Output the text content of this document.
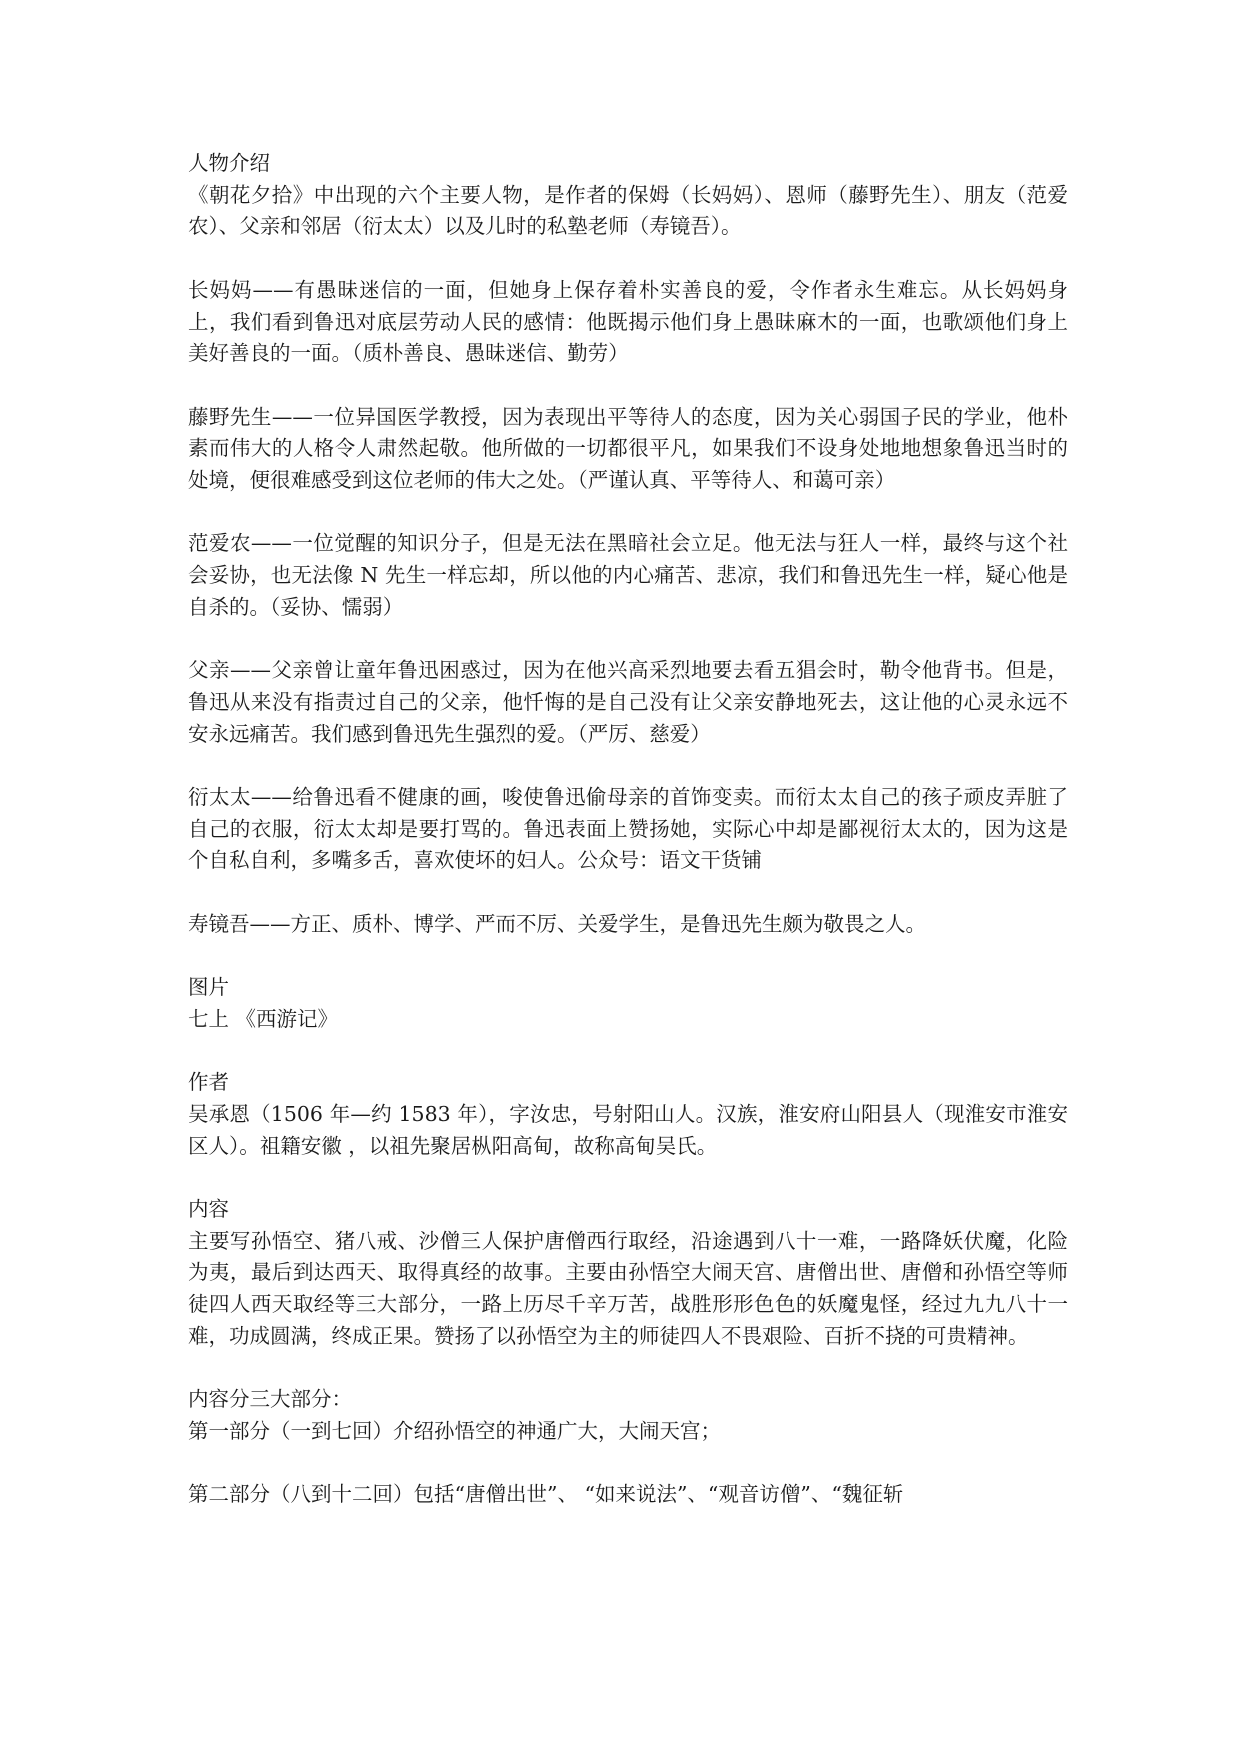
人物介绍

《朝花夕拾》中出现的六个主要人物，是作者的保姆（长妈妈）、恩师（藤野先生）、朋友（范爱农）、父亲和邻居（衍太太）以及儿时的私塾老师（寿镜吾）。

长妈妈——有愚昧迷信的一面，但她身上保存着朴实善良的爱，令作者永生难忘。从长妈妈身上，我们看到鲁迅对底层劳动人民的感情：他既揭示他们身上愚昧麻木的一面，也歌颂他们身上美好善良的一面。（质朴善良、愚昧迷信、勤劳）

藤野先生——一位异国医学教授，因为表现出平等待人的态度，因为关心弱国子民的学业，他朴素而伟大的人格令人肃然起敬。他所做的一切都很平凡，如果我们不设身处地地想象鲁迅当时的处境，便很难感受到这位老师的伟大之处。（严谨认真、平等待人、和蔼可亲）

范爱农——一位觉醒的知识分子，但是无法在黑暗社会立足。他无法与狂人一样，最终与这个社会妥协，也无法像 N 先生一样忘却，所以他的内心痛苦、悲凉，我们和鲁迅先生一样，疑心他是自杀的。（妥协、懦弱）

父亲——父亲曾让童年鲁迅困惑过，因为在他兴高采烈地要去看五猖会时，勒令他背书。但是，鲁迅从来没有指责过自己的父亲，他忏悔的是自己没有让父亲安静地死去，这让他的心灵永远不安永远痛苦。我们感到鲁迅先生强烈的爱。（严厉、慈爱）

衍太太——给鲁迅看不健康的画，唆使鲁迅偷母亲的首饰变卖。而衍太太自己的孩子顽皮弄脏了自己的衣服，衍太太却是要打骂的。鲁迅表面上赞扬她，实际心中却是鄙视衍太太的，因为这是个自私自利，多嘴多舌，喜欢使坏的妇人。公众号：语文干货铺

寿镜吾——方正、质朴、博学、严而不厉、关爱学生，是鲁迅先生颇为敬畏之人。

图片

七上 《西游记》

作者

吴承恩（1506 年—约 1583 年），字汝忠，号射阳山人。汉族，淮安府山阳县人（现淮安市淮安区人）。祖籍安徽 ，以祖先聚居枞阳高甸，故称高甸吴氏。

内容

主要写孙悟空、猪八戒、沙僧三人保护唐僧西行取经，沿途遇到八十一难，一路降妖伏魔，化险为夷，最后到达西天、取得真经的故事。主要由孙悟空大闹天宫、唐僧出世、唐僧和孙悟空等师徒四人西天取经等三大部分，一路上历尽千辛万苦，战胜形形色色的妖魔鬼怪，经过九九八十一难，功成圆满，终成正果。赞扬了以孙悟空为主的师徒四人不畏艰险、百折不挠的可贵精神。

内容分三大部分：

第一部分（一到七回）介绍孙悟空的神通广大，大闹天宫；

第二部分（八到十二回）包括“唐僧出世”、 “如来说法”、“观音访僧”、“魏征斩
